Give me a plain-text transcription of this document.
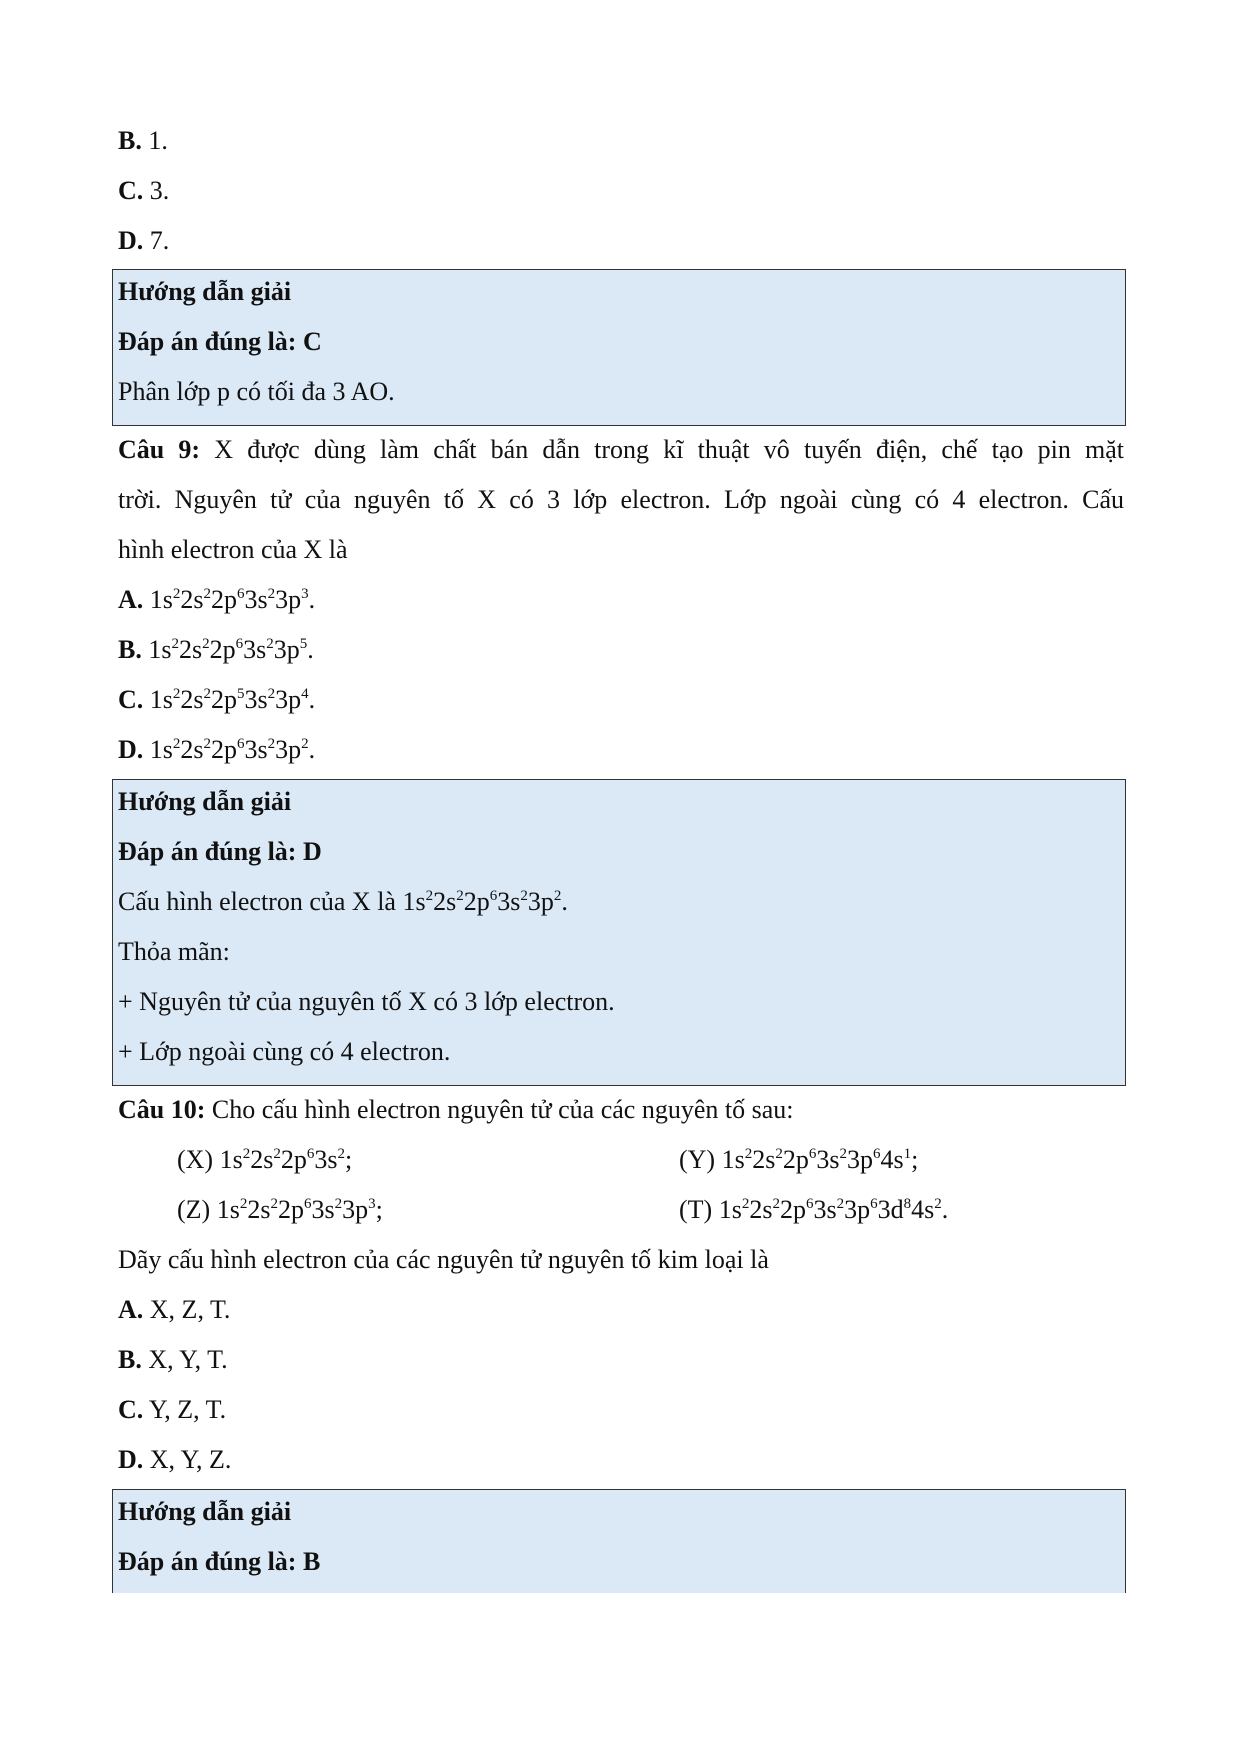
B. 1.
C. 3.
D. 7.
Hướng dẫn giải
Đáp án đúng là: C
Phân lớp p có tối đa 3 AO.
Câu 9: X được dùng làm chất bán dẫn trong kĩ thuật vô tuyến điện, chế tạo pin mặt
trời. Nguyên tử của nguyên tố X có 3 lớp electron. Lớp ngoài cùng có 4 electron. Cấu
hình electron của X là
A. $1s^22s^22p^63s^23p^3$.
B. $1s^22s^22p^63s^23p^5$.
C. $1s^22s^22p^53s^23p^4$.
D. $1s^22s^22p^63s^23p^2$.
Hướng dẫn giải
Đáp án đúng là: D
Cấu hình electron của X là $1s^22s^22p^63s^23p^2$.
Thỏa mãn:
+ Nguyên tử của nguyên tố X có 3 lớp electron.
+ Lớp ngoài cùng có 4 electron.
Câu 10: Cho cấu hình electron nguyên tử của các nguyên tố sau:
(X) $1s^22s^22p^63s^2$;	(Y) $1s^22s^22p^63s^23p^64s^1$;
(Z) $1s^22s^22p^63s^23p^3$;	(T) $1s^22s^22p^63s^23p^63d^84s^2$.
Dãy cấu hình electron của các nguyên tử nguyên tố kim loại là
A. X, Z, T.
B. X, Y, T.
C. Y, Z, T.
D. X, Y, Z.
Hướng dẫn giải
Đáp án đúng là: B
